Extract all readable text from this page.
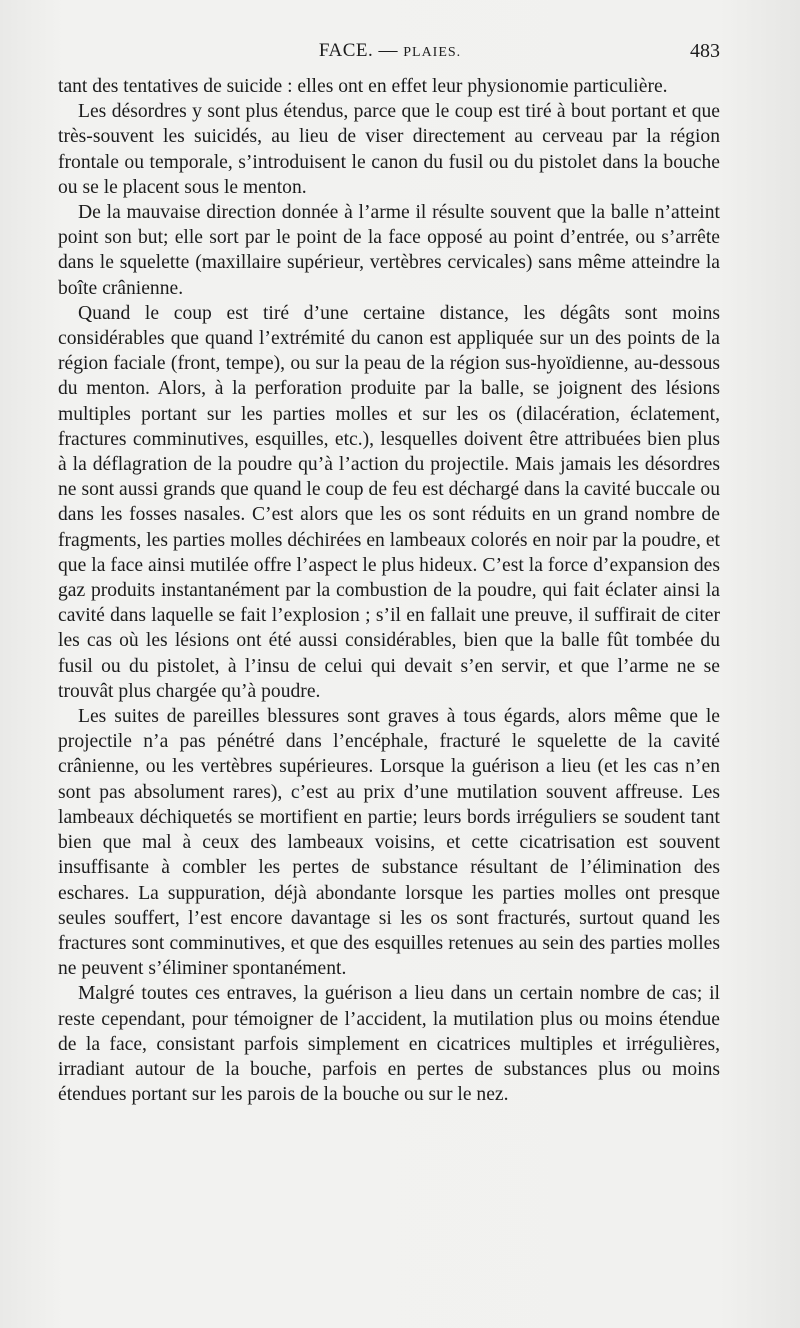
FACE. — PLAIES.	483

tant des tentatives de suicide : elles ont en effet leur physionomie particulière.

Les désordres y sont plus étendus, parce que le coup est tiré à bout portant et que très-souvent les suicidés, au lieu de viser directement au cerveau par la région frontale ou temporale, s’introduisent le canon du fusil ou du pistolet dans la bouche ou se le placent sous le menton.

De la mauvaise direction donnée à l’arme il résulte souvent que la balle n’atteint point son but; elle sort par le point de la face opposé au point d’entrée, ou s’arrête dans le squelette (maxillaire supérieur, vertèbres cervicales) sans même atteindre la boîte crânienne.

Quand le coup est tiré d’une certaine distance, les dégâts sont moins considérables que quand l’extrémité du canon est appliquée sur un des points de la région faciale (front, tempe), ou sur la peau de la région sus-hyoïdienne, au-dessous du menton. Alors, à la perforation produite par la balle, se joignent des lésions multiples portant sur les parties molles et sur les os (dilacération, éclatement, fractures comminutives, esquilles, etc.), lesquelles doivent être attribuées bien plus à la déflagration de la poudre qu’à l’action du projectile. Mais jamais les désordres ne sont aussi grands que quand le coup de feu est déchargé dans la cavité buccale ou dans les fosses nasales. C’est alors que les os sont réduits en un grand nombre de fragments, les parties molles déchirées en lambeaux colorés en noir par la poudre, et que la face ainsi mutilée offre l’aspect le plus hideux. C’est la force d’expansion des gaz produits instantanément par la combustion de la poudre, qui fait éclater ainsi la cavité dans laquelle se fait l’explosion ; s’il en fallait une preuve, il suffirait de citer les cas où les lésions ont été aussi considérables, bien que la balle fût tombée du fusil ou du pistolet, à l’insu de celui qui devait s’en servir, et que l’arme ne se trouvât plus chargée qu’à poudre.

Les suites de pareilles blessures sont graves à tous égards, alors même que le projectile n’a pas pénétré dans l’encéphale, fracturé le squelette de la cavité crânienne, ou les vertèbres supérieures. Lorsque la guérison a lieu (et les cas n’en sont pas absolument rares), c’est au prix d’une mutilation souvent affreuse. Les lambeaux déchiquetés se mortifient en partie; leurs bords irréguliers se soudent tant bien que mal à ceux des lambeaux voisins, et cette cicatrisation est souvent insuffisante à combler les pertes de substance résultant de l’élimination des eschares. La suppuration, déjà abondante lorsque les parties molles ont presque seules souffert, l’est encore davantage si les os sont fracturés, surtout quand les fractures sont comminutives, et que des esquilles retenues au sein des parties molles ne peuvent s’éliminer spontanément.

Malgré toutes ces entraves, la guérison a lieu dans un certain nombre de cas; il reste cependant, pour témoigner de l’accident, la mutilation plus ou moins étendue de la face, consistant parfois simplement en cicatrices multiples et irrégulières, irradiant autour de la bouche, parfois en pertes de substances plus ou moins étendues portant sur les parois de la bouche ou sur le nez.
